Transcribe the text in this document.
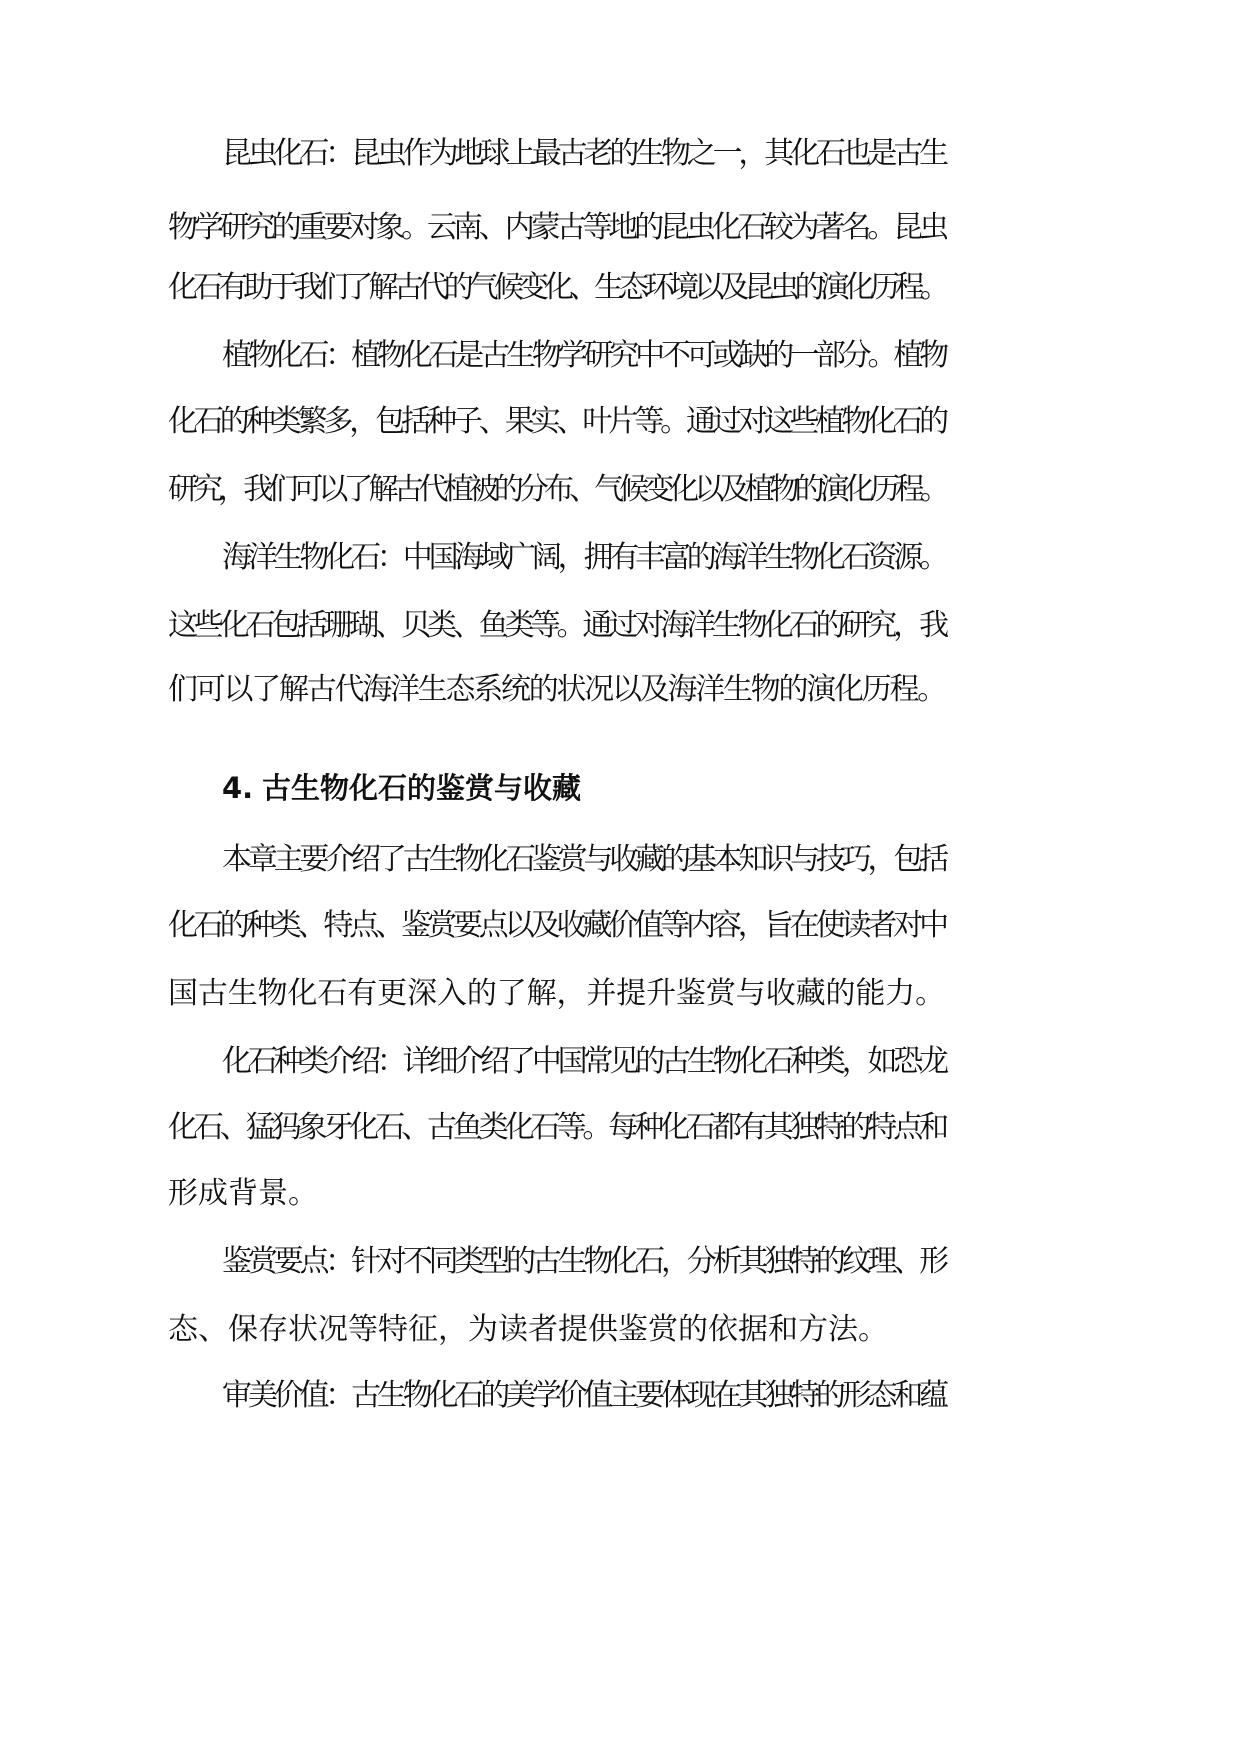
昆虫化石：昆虫作为地球上最古老的生物之一，其化石也是古生
物学研究的重要对象。云南、内蒙古等地的昆虫化石较为著名。昆虫
化石有助于我们了解古代的气候变化、生态环境以及昆虫的演化历程。
植物化石：植物化石是古生物学研究中不可或缺的一部分。植物
化石的种类繁多，包括种子、果实、叶片等。通过对这些植物化石的
研究，我们可以了解古代植被的分布、气候变化以及植物的演化历程。
海洋生物化石：中国海域广阔，拥有丰富的海洋生物化石资源。
这些化石包括珊瑚、贝类、鱼类等。通过对海洋生物化石的研究，我
们可以了解古代海洋生态系统的状况以及海洋生物的演化历程。
4. 古生物化石的鉴赏与收藏
本章主要介绍了古生物化石鉴赏与收藏的基本知识与技巧，包括
化石的种类、特点、鉴赏要点以及收藏价值等内容，旨在使读者对中
国古生物化石有更深入的了解，并提升鉴赏与收藏的能力。
化石种类介绍：详细介绍了中国常见的古生物化石种类，如恐龙
化石、猛犸象牙化石、古鱼类化石等。每种化石都有其独特的特点和
形成背景。
鉴赏要点：针对不同类型的古生物化石，分析其独特的纹理、形
态、保存状况等特征，为读者提供鉴赏的依据和方法。
审美价值：古生物化石的美学价值主要体现在其独特的形态和蕴
